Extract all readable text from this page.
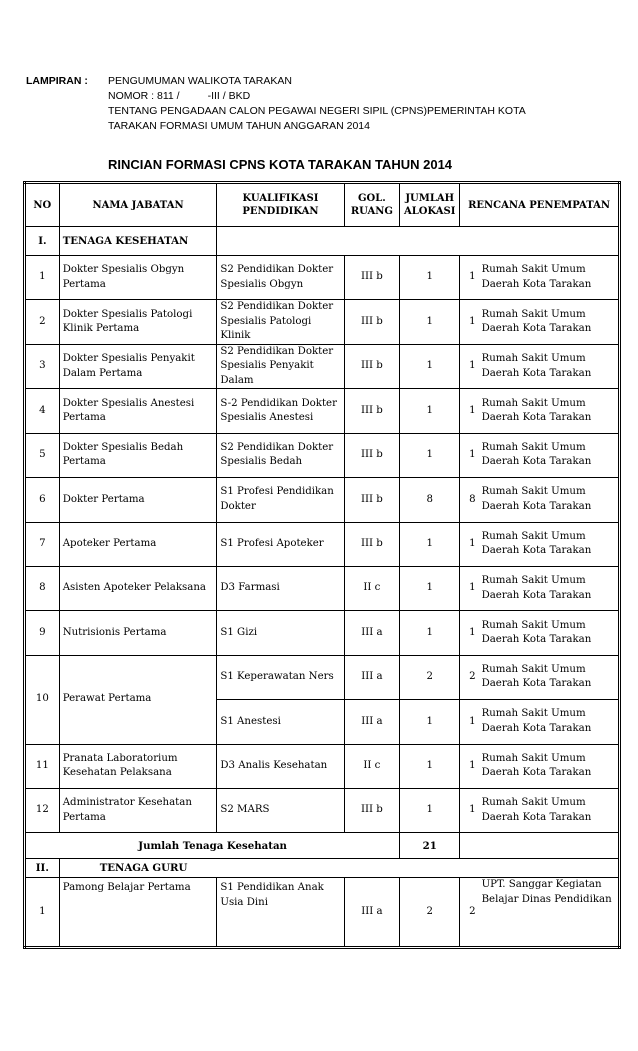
LAMPIRAN : PENGUMUMAN WALIKOTA TARAKAN
NOMOR : 811 /	-III / BKD
TENTANG PENGADAAN CALON PEGAWAI NEGERI SIPIL (CPNS)PEMERINTAH KOTA
TARAKAN FORMASI UMUM TAHUN ANGGARAN 2014
RINCIAN FORMASI CPNS KOTA TARAKAN TAHUN 2014
NO	NAMA JABATAN	KUALIFIKASI PENDIDIKAN	GOL. RUANG	JUMLAH ALOKASI	RENCANA PENEMPATAN	
I.	TENAGA KESEHATAN					
1	Dokter Spesialis Obgyn Pertama	S2 Pendidikan Dokter Spesialis Obgyn	III b	1	1	Rumah Sakit Umum Daerah Kota Tarakan
2	Dokter Spesialis Patologi Klinik Pertama	S2 Pendidikan Dokter Spesialis Patologi Klinik	III b	1	1	Rumah Sakit Umum Daerah Kota Tarakan
3	Dokter Spesialis Penyakit Dalam Pertama	S2 Pendidikan Dokter Spesialis Penyakit Dalam	III b	1	1	Rumah Sakit Umum Daerah Kota Tarakan
4	Dokter Spesialis Anestesi Pertama	S-2 Pendidikan Dokter Spesialis Anestesi	III b	1	1	Rumah Sakit Umum Daerah Kota Tarakan
5	Dokter Spesialis Bedah Pertama	S2 Pendidikan Dokter Spesialis Bedah	III b	1	1	Rumah Sakit Umum Daerah Kota Tarakan
6	Dokter Pertama	S1 Profesi Pendidikan Dokter	III b	8	8	Rumah Sakit Umum Daerah Kota Tarakan
7	Apoteker Pertama	S1 Profesi Apoteker	III b	1	1	Rumah Sakit Umum Daerah Kota Tarakan
8	Asisten Apoteker Pelaksana	D3 Farmasi	II c	1	1	Rumah Sakit Umum Daerah Kota Tarakan
9	Nutrisionis Pertama	S1 Gizi	III a	1	1	Rumah Sakit Umum Daerah Kota Tarakan
10	Perawat Pertama	S1 Keperawatan Ners	III a	2	2	Rumah Sakit Umum Daerah Kota Tarakan
		S1 Anestesi	III a	1	1	Rumah Sakit Umum Daerah Kota Tarakan
11	Pranata Laboratorium Kesehatan Pelaksana	D3 Analis Kesehatan	II c	1	1	Rumah Sakit Umum Daerah Kota Tarakan
12	Administrator Kesehatan Pertama	S2 MARS	III b	1	1	Rumah Sakit Umum Daerah Kota Tarakan
Jumlah Tenaga Kesehatan				21		
II.	TENAGA GURU					
1	Pamong Belajar Pertama	S1 Pendidikan Anak Usia Dini	III a	2	2	UPT. Sanggar Kegiatan Belajar Dinas Pendidikan
